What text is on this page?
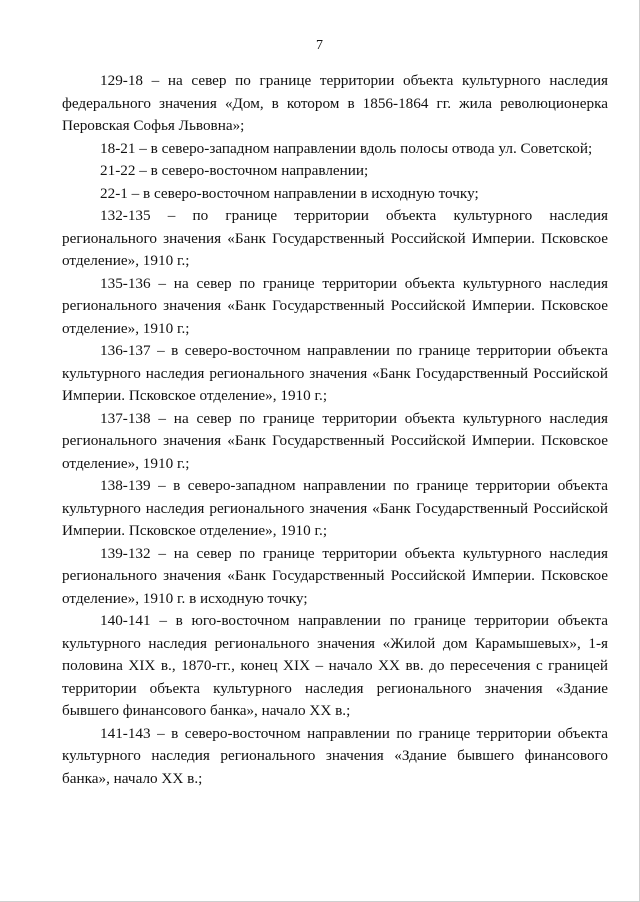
7

129-18 – на север по границе территории объекта культурного наследия федерального значения «Дом, в котором в 1856-1864 гг. жила революционерка Перовская Софья Львовна»;

18-21 – в северо-западном направлении вдоль полосы отвода ул. Советской;

21-22 – в северо-восточном направлении;

22-1 – в северо-восточном направлении в исходную точку;

132-135 – по границе территории объекта культурного наследия регионального значения «Банк Государственный Российской Империи. Псковское отделение», 1910 г.;

135-136 – на север по границе территории объекта культурного наследия регионального значения «Банк Государственный Российской Империи. Псковское отделение», 1910 г.;

136-137 – в северо-восточном направлении по границе территории объекта культурного наследия регионального значения «Банк Государственный Российской Империи. Псковское отделение», 1910 г.;

137-138 – на север по границе территории объекта культурного наследия регионального значения «Банк Государственный Российской Империи. Псковское отделение», 1910 г.;

138-139 – в северо-западном направлении по границе территории объекта культурного наследия регионального значения «Банк Государственный Российской Империи. Псковское отделение», 1910 г.;

139-132 – на север по границе территории объекта культурного наследия регионального значения «Банк Государственный Российской Империи. Псковское отделение», 1910 г. в исходную точку;

140-141 – в юго-восточном направлении по границе территории объекта культурного наследия регионального значения «Жилой дом Карамышевых», 1-я половина XIX в., 1870-гг., конец XIX – начало XX вв. до пересечения с границей территории объекта культурного наследия регионального значения «Здание бывшего финансового банка», начало XX в.;

141-143 – в северо-восточном направлении по границе территории объекта культурного наследия регионального значения «Здание бывшего финансового банка», начало XX в.;
